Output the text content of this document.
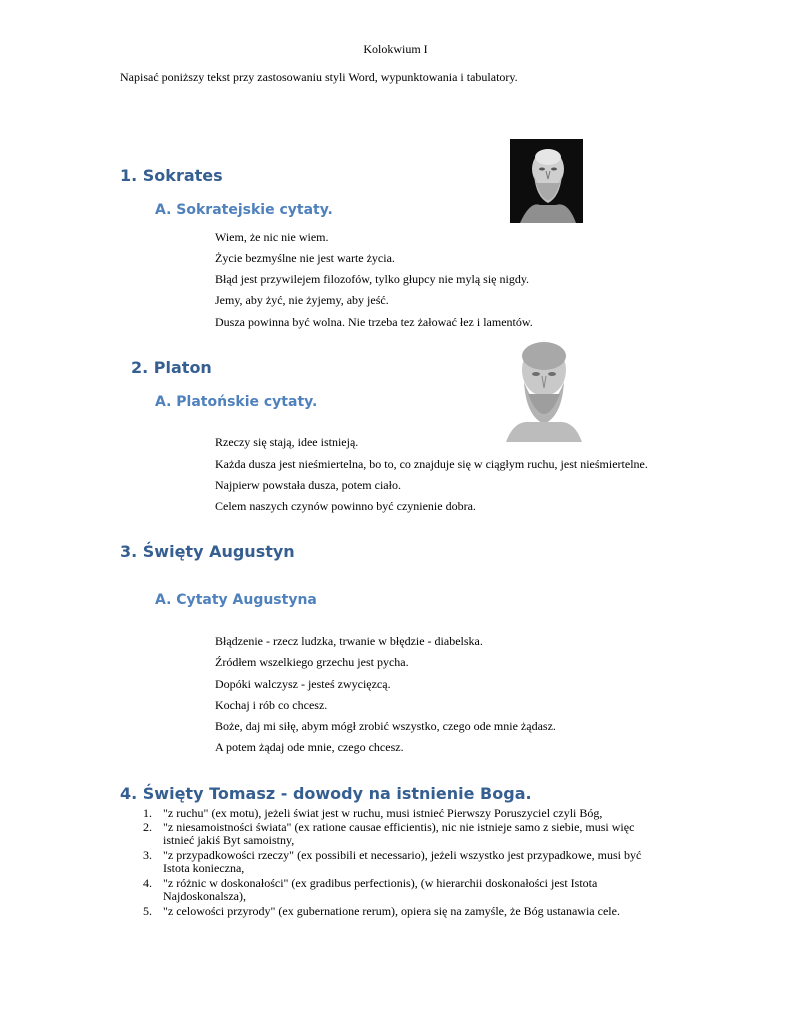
Kolokwium I
Napisać poniższy tekst przy zastosowaniu styli Word, wypunktowania i tabulatory.
1. Sokrates
A. Sokratejskie cytaty.
Wiem, że nic nie wiem.
Życie bezmyślne nie jest warte życia.
Błąd jest przywilejem filozofów, tylko głupcy nie mylą się nigdy.
Jemy, aby żyć, nie żyjemy, aby jeść.
Dusza powinna być wolna. Nie trzeba tez żałować łez i lamentów.
2. Platon
A. Platońskie cytaty.
Rzeczy się stają, idee istnieją.
Każda dusza jest nieśmiertelna, bo to, co znajduje się w ciągłym ruchu, jest nieśmiertelne.
Najpierw powstała dusza, potem ciało.
Celem naszych czynów powinno być czynienie dobra.
3. Święty Augustyn
A. Cytaty Augustyna
Błądzenie - rzecz ludzka, trwanie w błędzie - diabelska.
Źródłem wszelkiego grzechu jest pycha.
Dopóki walczysz - jesteś zwycięzcą.
Kochaj i rób co chcesz.
Boże, daj mi siłę, abym mógł zrobić wszystko, czego ode mnie żądasz.
A potem żądaj ode mnie, czego chcesz.
4. Święty Tomasz - dowody na istnienie Boga.
1. "z ruchu" (ex motu), jeżeli świat jest w ruchu, musi istnieć Pierwszy Poruszyciel czyli Bóg,
2. "z niesamoistności świata" (ex ratione causae efficientis), nic nie istnieje samo z siebie, musi więc istnieć jakiś Byt samoistny,
3. "z przypadkowości rzeczy" (ex possibili et necessario), jeżeli wszystko jest przypadkowe, musi być Istota konieczna,
4. "z różnic w doskonałości" (ex gradibus perfectionis), (w hierarchii doskonałości jest Istota Najdoskonalsza),
5. "z celowości przyrody" (ex gubernatione rerum), opiera się na zamyśle, że Bóg ustanawia cele.
